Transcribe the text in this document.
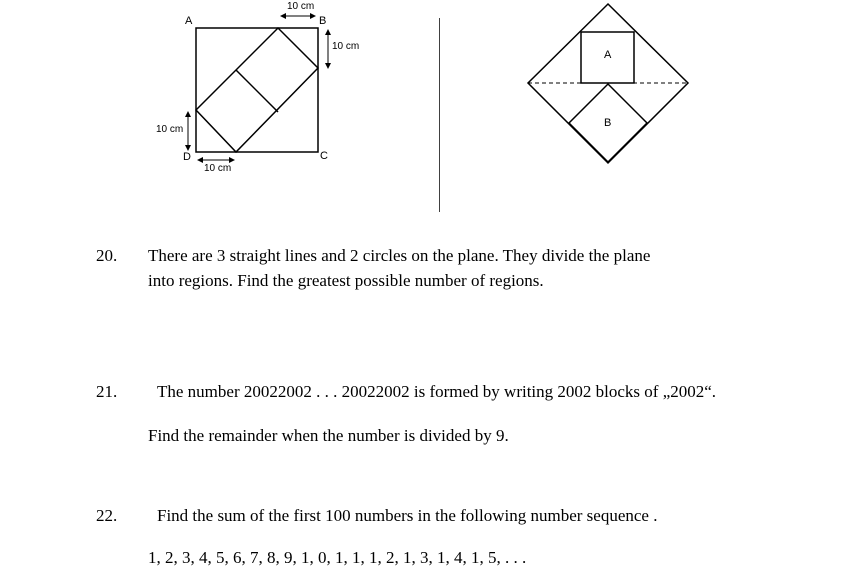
A	B
C
D
10 cm
10 cm
10 cm
10 cm
A
B
20. There are 3 straight lines and 2 circles on the plane. They divide the plane
into regions. Find the greatest possible number of regions.
21. The number 20022002 . . . 20022002 is formed by writing 2002 blocks of „2002“.
Find the remainder when the number is divided by 9.
22. Find the sum of the first 100 numbers in the following number sequence .
1, 2, 3, 4, 5, 6, 7, 8, 9, 1, 0, 1, 1, 1, 2, 1, 3, 1, 4, 1, 5, . . .
